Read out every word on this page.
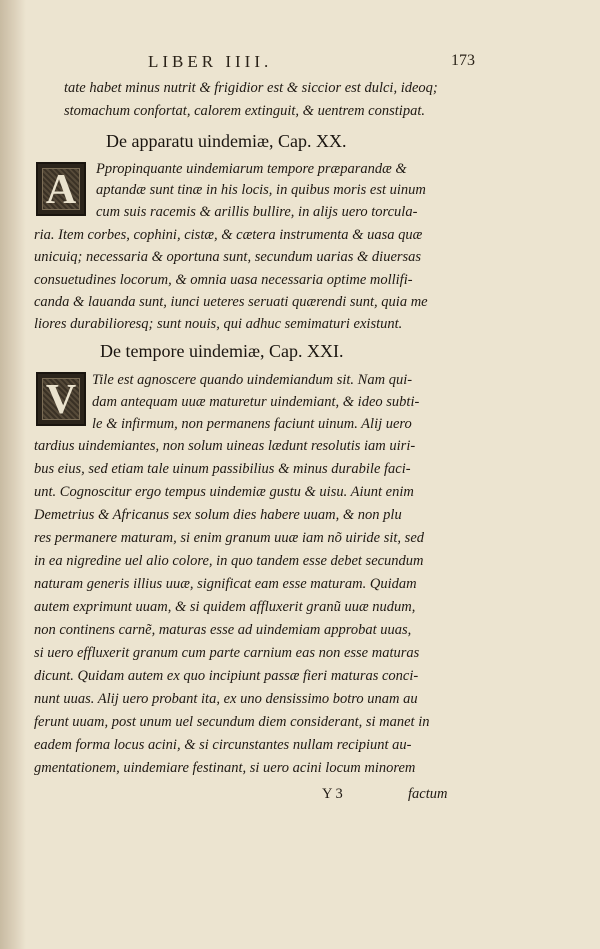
LIBER IIII.	173
tate habet minus nutrit & frigidior est & siccior est dulci, ideoq;
stomachum confortat, calorem extinguit, & uentrem constipat.
De apparatu uindemiæ, Cap. XX.
A	Ppropinquante uindemiarum tempore præparandæ &
aptandæ sunt tinæ in his locis, in quibus moris est uinum
cum suis racemis & arillis bullire, in alijs uero torcula-
ria. Item corbes, cophini, cistæ, & cætera instrumenta & uasa quæ
unicuiq; necessaria & oportuna sunt, secundum uarias & diuersas
consuetudines locorum, & omnia uasa necessaria optime mollifi-
canda & lauanda sunt, iunci ueteres seruati quærendi sunt, quia me
liores durabilioresq; sunt nouis, qui adhuc semimaturi existunt.
De tempore uindemiæ, Cap. XXI.
V	Tile est agnoscere quando uindemiandum sit. Nam qui-
dam antequam uuæ maturetur uindemiant, & ideo subti-
le & infirmum, non permanens faciunt uinum. Alij uero
tardius uindemiantes, non solum uineas lædunt resolutis iam uiri-
bus eius, sed etiam tale uinum passibilius & minus durabile faci-
unt. Cognoscitur ergo tempus uindemiæ gustu & uisu. Aiunt enim
Demetrius & Africanus sex solum dies habere uuam, & non plu
res permanere maturam, si enim granum uuæ iam nõ uiride sit, sed
in ea nigredine uel alio colore, in quo tandem esse debet secundum
naturam generis illius uuæ, significat eam esse maturam. Quidam
autem exprimunt uuam, & si quidem affluxerit granũ uuæ nudum,
non continens carnẽ, maturas esse ad uindemiam approbat uuas,
si uero effluxerit granum cum parte carnium eas non esse maturas
dicunt. Quidam autem ex quo incipiunt passæ fieri maturas conci-
nunt uuas. Alij uero probant ita, ex uno densissimo botro unam au
ferunt uuam, post unum uel secundum diem considerant, si manet in
eadem forma locus acini, & si circunstantes nullam recipiunt au-
gmentationem, uindemiare festinant, si uero acini locum minorem
Y 3	factum
